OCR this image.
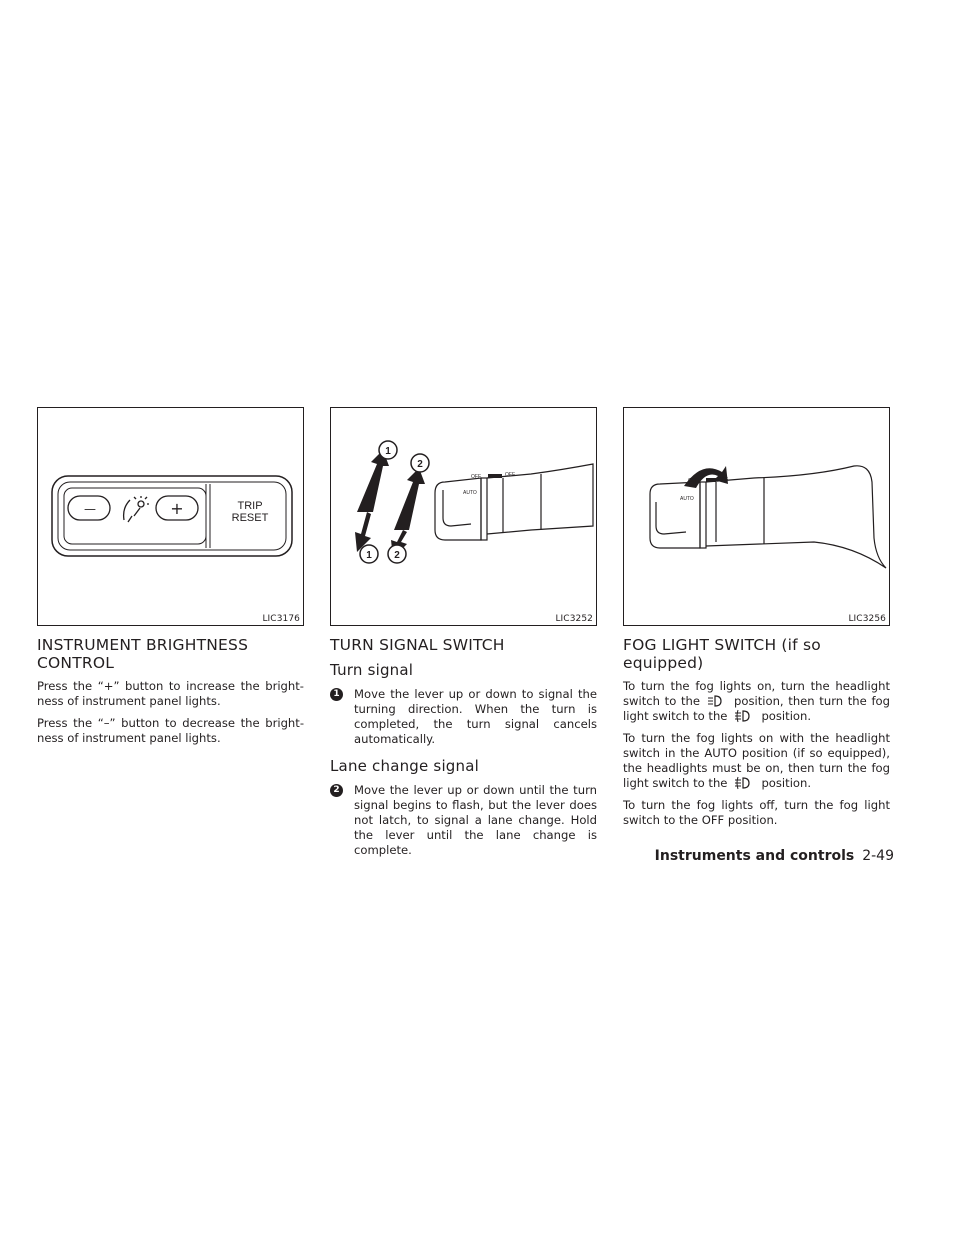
—	+	TRIP
RESET
LIC3176
1
2
1 2
OFF	OFF
AUTO
LIC3252
OFF	OFF
AUTO
LIC3256
INSTRUMENT BRIGHTNESS CONTROL

Press the “+” button to increase the bright-ness of instrument panel lights.

Press the “–” button to decrease the bright-ness of instrument panel lights.

TURN SIGNAL SWITCH
Turn signal
1 Move the lever up or down to signal the turning direction. When the turn is completed, the turn signal cancels automatically.
Lane change signal
2 Move the lever up or down until the turn signal begins to flash, but the lever does not latch, to signal a lane change. Hold the lever until the lane change is complete.
FOG LIGHT SWITCH (if so equipped)

To turn the fog lights on, turn the headlight switch to the	position, then turn the fog light switch to the	position.

To turn the fog lights on with the headlight switch in the AUTO position (if so equipped), the headlights must be on, then turn the fog light switch to the	position.

To turn the fog lights off, turn the fog light switch to the OFF position.

Instruments and controls 2-49
